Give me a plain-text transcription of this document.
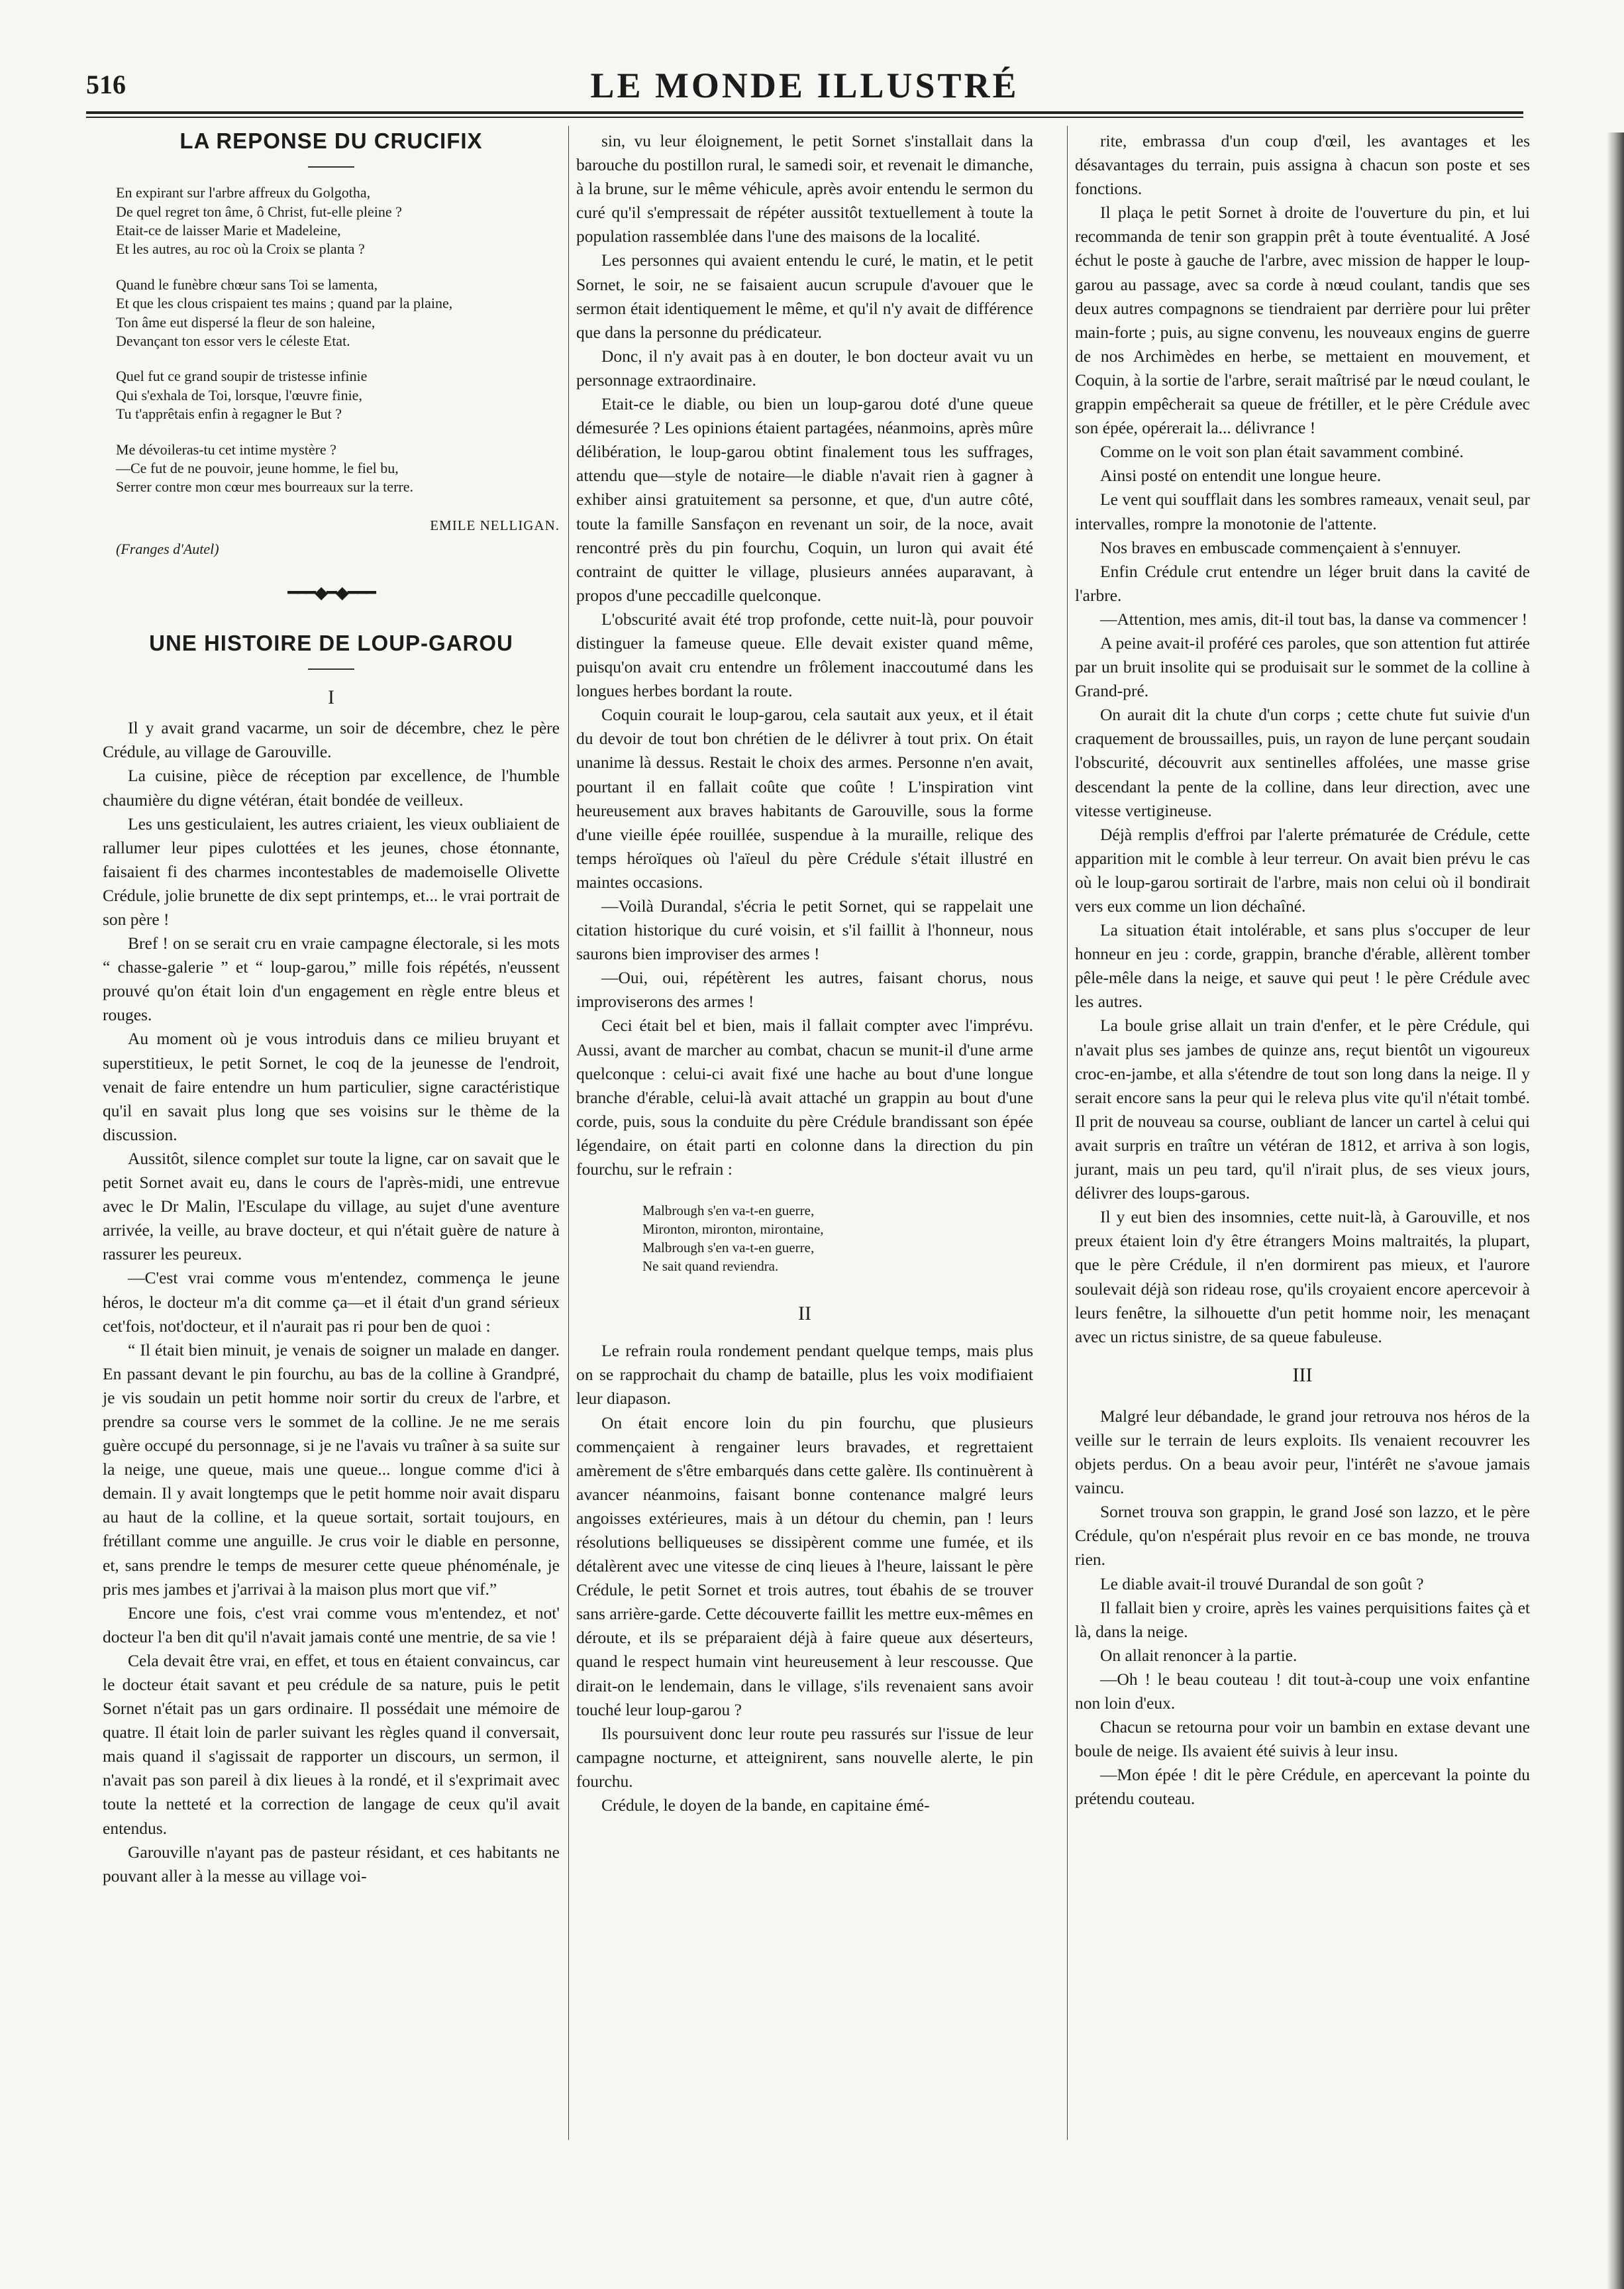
516	LE MONDE ILLUSTRÉ
LA REPONSE DU CRUCIFIX
En expirant sur l'arbre affreux du Golgotha,
De quel regret ton âme, ô Christ, fut-elle pleine ?
Etait-ce de laisser Marie et Madeleine,
Et les autres, au roc où la Croix se planta ?
Quand le funèbre chœur sans Toi se lamenta,
Et que les clous crispaient tes mains ; quand par la plaine,
Ton âme eut dispersé la fleur de son haleine,
Devançant ton essor vers le céleste Etat.
Quel fut ce grand soupir de tristesse infinie
Qui s'exhala de Toi, lorsque, l'œuvre finie,
Tu t'apprêtais enfin à regagner le But ?
Me dévoileras-tu cet intime mystère ?
—Ce fut de ne pouvoir, jeune homme, le fiel bu,
Serrer contre mon cœur mes bourreaux sur la terre.
EMILE NELLIGAN.
(Franges d'Autel)
━━━◆━◆━━━
UNE HISTOIRE DE LOUP-GAROU
I

Il y avait grand vacarme, un soir de décembre, chez le père Crédule, au village de Garouville.

La cuisine, pièce de réception par excellence, de l'humble chaumière du digne vétéran, était bondée de veilleux.

Les uns gesticulaient, les autres criaient, les vieux oubliaient de rallumer leur pipes culottées et les jeunes, chose étonnante, faisaient fi des charmes incontestables de mademoiselle Olivette Crédule, jolie brunette de dix sept printemps, et... le vrai portrait de son père !

Bref ! on se serait cru en vraie campagne électorale, si les mots “ chasse-galerie ” et “ loup-garou,” mille fois répétés, n'eussent prouvé qu'on était loin d'un engagement en règle entre bleus et rouges.

Au moment où je vous introduis dans ce milieu bruyant et superstitieux, le petit Sornet, le coq de la jeunesse de l'endroit, venait de faire entendre un hum particulier, signe caractéristique qu'il en savait plus long que ses voisins sur le thème de la discussion.

Aussitôt, silence complet sur toute la ligne, car on savait que le petit Sornet avait eu, dans le cours de l'après-midi, une entrevue avec le Dr Malin, l'Esculape du village, au sujet d'une aventure arrivée, la veille, au brave docteur, et qui n'était guère de nature à rassurer les peureux.

—C'est vrai comme vous m'entendez, commença le jeune héros, le docteur m'a dit comme ça—et il était d'un grand sérieux cet'fois, not'docteur, et il n'aurait pas ri pour ben de quoi :

“ Il était bien minuit, je venais de soigner un malade en danger. En passant devant le pin fourchu, au bas de la colline à Grandpré, je vis soudain un petit homme noir sortir du creux de l'arbre, et prendre sa course vers le sommet de la colline. Je ne me serais guère occupé du personnage, si je ne l'avais vu traîner à sa suite sur la neige, une queue, mais une queue... longue comme d'ici à demain. Il y avait longtemps que le petit homme noir avait disparu au haut de la colline, et la queue sortait, sortait toujours, en frétillant comme une anguille. Je crus voir le diable en personne, et, sans prendre le temps de mesurer cette queue phénoménale, je pris mes jambes et j'arrivai à la maison plus mort que vif.”

Encore une fois, c'est vrai comme vous m'entendez, et not' docteur l'a ben dit qu'il n'avait jamais conté une mentrie, de sa vie !

Cela devait être vrai, en effet, et tous en étaient convaincus, car le docteur était savant et peu crédule de sa nature, puis le petit Sornet n'était pas un gars ordinaire. Il possédait une mémoire de quatre. Il était loin de parler suivant les règles quand il conversait, mais quand il s'agissait de rapporter un discours, un sermon, il n'avait pas son pareil à dix lieues à la rondé, et il s'exprimait avec toute la netteté et la correction de langage de ceux qu'il avait entendus.

Garouville n'ayant pas de pasteur résidant, et ces habitants ne pouvant aller à la messe au village voi-

sin, vu leur éloignement, le petit Sornet s'installait dans la barouche du postillon rural, le samedi soir, et revenait le dimanche, à la brune, sur le même véhicule, après avoir entendu le sermon du curé qu'il s'empressait de répéter aussitôt textuellement à toute la population rassemblée dans l'une des maisons de la localité.

Les personnes qui avaient entendu le curé, le matin, et le petit Sornet, le soir, ne se faisaient aucun scrupule d'avouer que le sermon était identiquement le même, et qu'il n'y avait de différence que dans la personne du prédicateur.

Donc, il n'y avait pas à en douter, le bon docteur avait vu un personnage extraordinaire.

Etait-ce le diable, ou bien un loup-garou doté d'une queue démesurée ? Les opinions étaient partagées, néanmoins, après mûre délibération, le loup-garou obtint finalement tous les suffrages, attendu que—style de notaire—le diable n'avait rien à gagner à exhiber ainsi gratuitement sa personne, et que, d'un autre côté, toute la famille Sansfaçon en revenant un soir, de la noce, avait rencontré près du pin fourchu, Coquin, un luron qui avait été contraint de quitter le village, plusieurs années auparavant, à propos d'une peccadille quelconque.

L'obscurité avait été trop profonde, cette nuit-là, pour pouvoir distinguer la fameuse queue. Elle devait exister quand même, puisqu'on avait cru entendre un frôlement inaccoutumé dans les longues herbes bordant la route.

Coquin courait le loup-garou, cela sautait aux yeux, et il était du devoir de tout bon chrétien de le délivrer à tout prix. On était unanime là dessus. Restait le choix des armes. Personne n'en avait, pourtant il en fallait coûte que coûte ! L'inspiration vint heureusement aux braves habitants de Garouville, sous la forme d'une vieille épée rouillée, suspendue à la muraille, relique des temps héroïques où l'aïeul du père Crédule s'était illustré en maintes occasions.

—Voilà Durandal, s'écria le petit Sornet, qui se rappelait une citation historique du curé voisin, et s'il faillit à l'honneur, nous saurons bien improviser des armes !

—Oui, oui, répétèrent les autres, faisant chorus, nous improviserons des armes !

Ceci était bel et bien, mais il fallait compter avec l'imprévu. Aussi, avant de marcher au combat, chacun se munit-il d'une arme quelconque : celui-ci avait fixé une hache au bout d'une longue branche d'érable, celui-là avait attaché un grappin au bout d'une corde, puis, sous la conduite du père Crédule brandissant son épée légendaire, on était parti en colonne dans la direction du pin fourchu, sur le refrain :

Malbrough s'en va-t-en guerre,
Mironton, mironton, mirontaine,
Malbrough s'en va-t-en guerre,
Ne sait quand reviendra.
II

Le refrain roula rondement pendant quelque temps, mais plus on se rapprochait du champ de bataille, plus les voix modifiaient leur diapason.

On était encore loin du pin fourchu, que plusieurs commençaient à rengainer leurs bravades, et regrettaient amèrement de s'être embarqués dans cette galère. Ils continuèrent à avancer néanmoins, faisant bonne contenance malgré leurs angoisses extérieures, mais à un détour du chemin, pan ! leurs résolutions belliqueuses se dissipèrent comme une fumée, et ils détalèrent avec une vitesse de cinq lieues à l'heure, laissant le père Crédule, le petit Sornet et trois autres, tout ébahis de se trouver sans arrière-garde. Cette découverte faillit les mettre eux-mêmes en déroute, et ils se préparaient déjà à faire queue aux déserteurs, quand le respect humain vint heureusement à leur rescousse. Que dirait-on le lendemain, dans le village, s'ils revenaient sans avoir touché leur loup-garou ?

Ils poursuivent donc leur route peu rassurés sur l'issue de leur campagne nocturne, et atteignirent, sans nouvelle alerte, le pin fourchu.

Crédule, le doyen de la bande, en capitaine émé-

rite, embrassa d'un coup d'œil, les avantages et les désavantages du terrain, puis assigna à chacun son poste et ses fonctions.

Il plaça le petit Sornet à droite de l'ouverture du pin, et lui recommanda de tenir son grappin prêt à toute éventualité. A José échut le poste à gauche de l'arbre, avec mission de happer le loup-garou au passage, avec sa corde à nœud coulant, tandis que ses deux autres compagnons se tiendraient par derrière pour lui prêter main-forte ; puis, au signe convenu, les nouveaux engins de guerre de nos Archimèdes en herbe, se mettaient en mouvement, et Coquin, à la sortie de l'arbre, serait maîtrisé par le nœud coulant, le grappin empêcherait sa queue de frétiller, et le père Crédule avec son épée, opérerait la... délivrance !

Comme on le voit son plan était savamment combiné.

Ainsi posté on entendit une longue heure.

Le vent qui soufflait dans les sombres rameaux, venait seul, par intervalles, rompre la monotonie de l'attente.

Nos braves en embuscade commençaient à s'ennuyer.

Enfin Crédule crut entendre un léger bruit dans la cavité de l'arbre.

—Attention, mes amis, dit-il tout bas, la danse va commencer !

A peine avait-il proféré ces paroles, que son attention fut attirée par un bruit insolite qui se produisait sur le sommet de la colline à Grand-pré.

On aurait dit la chute d'un corps ; cette chute fut suivie d'un craquement de broussailles, puis, un rayon de lune perçant soudain l'obscurité, découvrit aux sentinelles affolées, une masse grise descendant la pente de la colline, dans leur direction, avec une vitesse vertigineuse.

Déjà remplis d'effroi par l'alerte prématurée de Crédule, cette apparition mit le comble à leur terreur. On avait bien prévu le cas où le loup-garou sortirait de l'arbre, mais non celui où il bondirait vers eux comme un lion déchaîné.

La situation était intolérable, et sans plus s'occuper de leur honneur en jeu : corde, grappin, branche d'érable, allèrent tomber pêle-mêle dans la neige, et sauve qui peut ! le père Crédule avec les autres.

La boule grise allait un train d'enfer, et le père Crédule, qui n'avait plus ses jambes de quinze ans, reçut bientôt un vigoureux croc-en-jambe, et alla s'étendre de tout son long dans la neige. Il y serait encore sans la peur qui le releva plus vite qu'il n'était tombé. Il prit de nouveau sa course, oubliant de lancer un cartel à celui qui avait surpris en traître un vétéran de 1812, et arriva à son logis, jurant, mais un peu tard, qu'il n'irait plus, de ses vieux jours, délivrer des loups-garous.

Il y eut bien des insomnies, cette nuit-là, à Garouville, et nos preux étaient loin d'y être étrangers Moins maltraités, la plupart, que le père Crédule, il n'en dormirent pas mieux, et l'aurore soulevait déjà son rideau rose, qu'ils croyaient encore apercevoir à leurs fenêtre, la silhouette d'un petit homme noir, les menaçant avec un rictus sinistre, de sa queue fabuleuse.

III

Malgré leur débandade, le grand jour retrouva nos héros de la veille sur le terrain de leurs exploits. Ils venaient recouvrer les objets perdus. On a beau avoir peur, l'intérêt ne s'avoue jamais vaincu.

Sornet trouva son grappin, le grand José son lazzo, et le père Crédule, qu'on n'espérait plus revoir en ce bas monde, ne trouva rien.

Le diable avait-il trouvé Durandal de son goût ?

Il fallait bien y croire, après les vaines perquisitions faites çà et là, dans la neige.

On allait renoncer à la partie.

—Oh ! le beau couteau ! dit tout-à-coup une voix enfantine non loin d'eux.

Chacun se retourna pour voir un bambin en extase devant une boule de neige. Ils avaient été suivis à leur insu.

—Mon épée ! dit le père Crédule, en apercevant la pointe du prétendu couteau.
